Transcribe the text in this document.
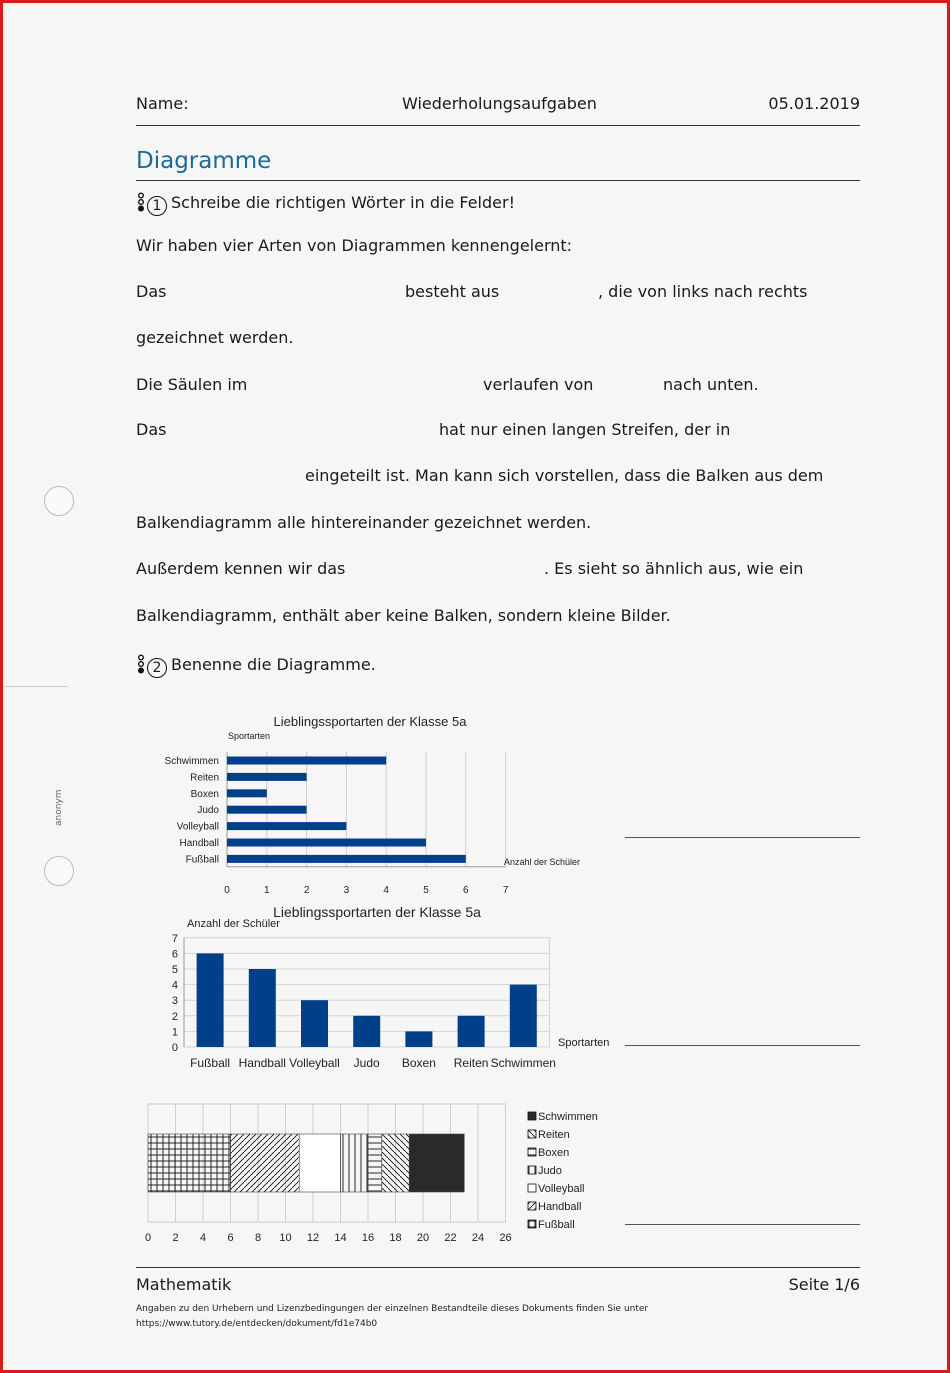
Name:	Wiederholungsaufgaben	05.01.2019
Diagramme
1 Schreibe die richtigen Wörter in die Felder!
Wir haben vier Arten von Diagrammen kennengelernt:
Das	besteht aus	, die von links nach rechts
gezeichnet werden.
Die Säulen im	verlaufen von	nach unten.
Das	hat nur einen langen Streifen, der in
eingeteilt ist. Man kann sich vorstellen, dass die Balken aus dem
Balkendiagramm alle hintereinander gezeichnet werden.
Außerdem kennen wir das	. Es sieht so ähnlich aus, wie ein
Balkendiagramm, enthält aber keine Balken, sondern kleine Bilder.
2 Benenne die Diagramme.
anonym
Lieblingssportarten der Klasse 5a
Sportarten
0	1	2	3	4	5	6	7
Schwimmen
Reiten
Boxen
Judo
Volleyball
Handball
Fußball	Anzahl der Schüler
Lieblingssportarten der Klasse 5a
Anzahl der Schüler
0
1
2
3
4
5
6
7
Fußball Handball Volleyball Judo Boxen Reiten Schwimmen
Sportarten
0 2 4 6 8 10 12 14 16 18 20 22 24 26
Schwimmen
Reiten
Boxen
Judo
Volleyball
Handball
Fußball
Mathematik	Seite 1/6
Angaben zu den Urhebern und Lizenzbedingungen der einzelnen Bestandteile dieses Dokuments finden Sie unter
https://www.tutory.de/entdecken/dokument/fd1e74b0
